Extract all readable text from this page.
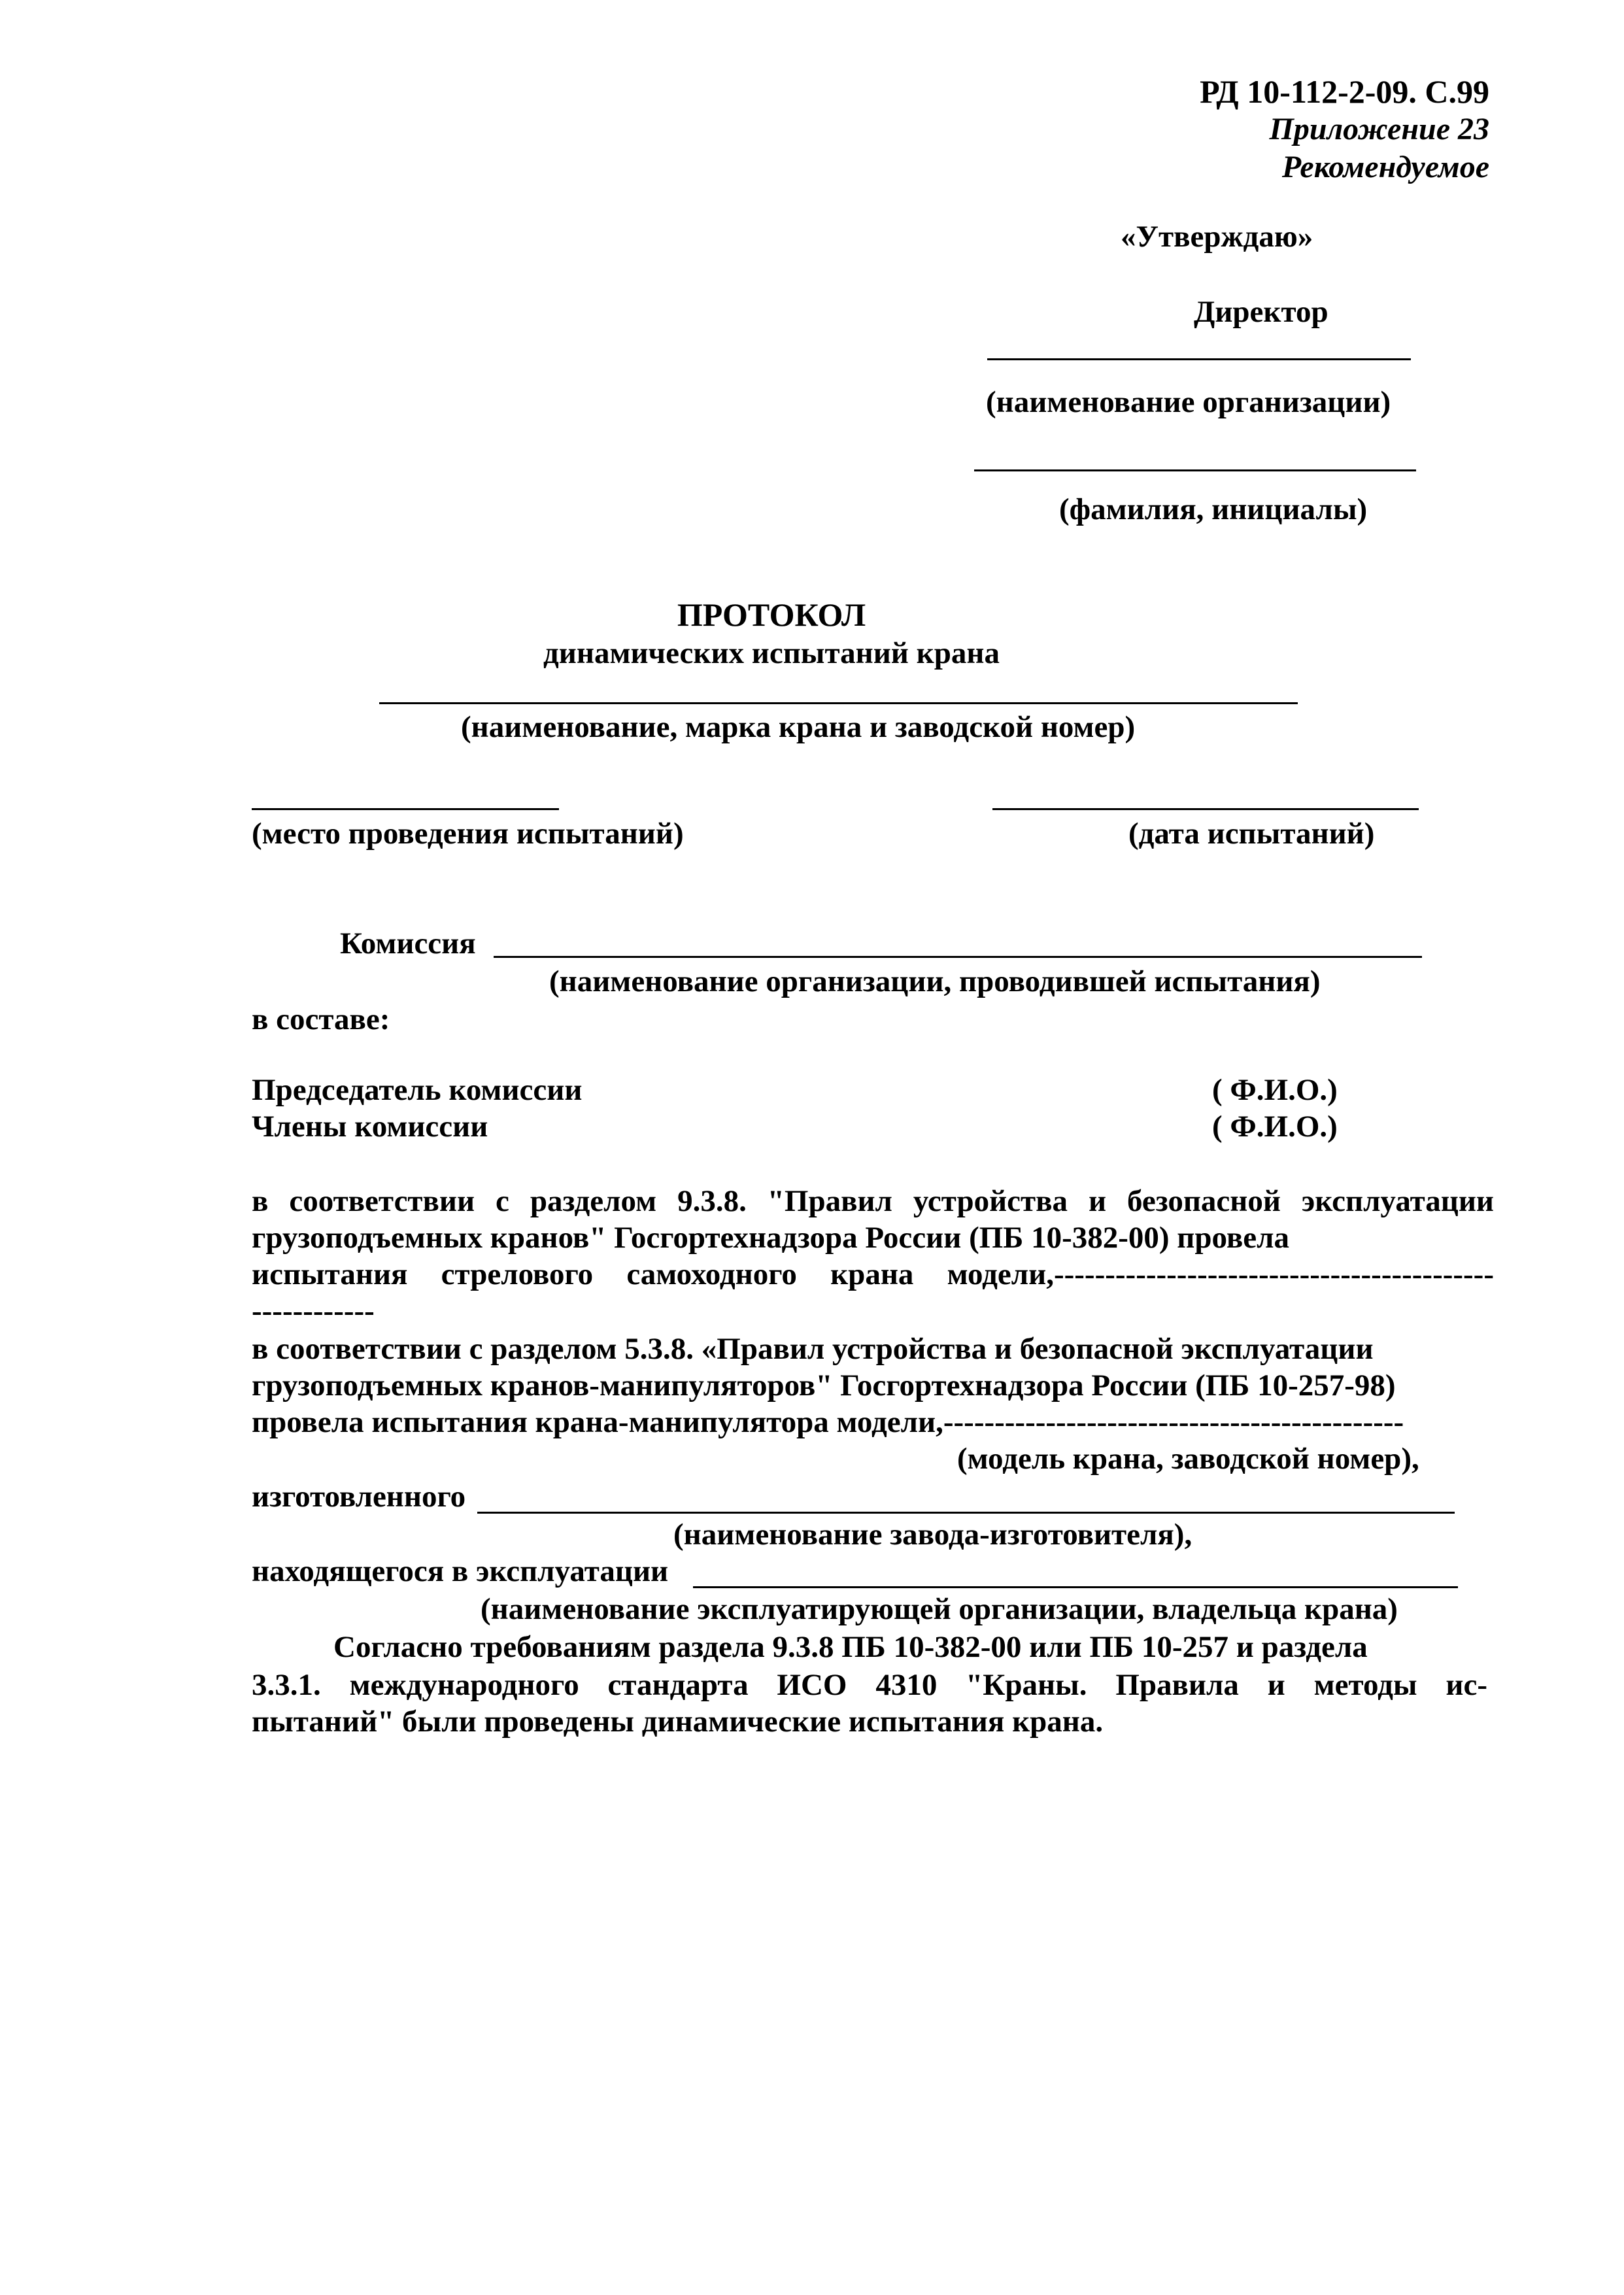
РД 10-112-2-09. С.99
Приложение 23
Рекомендуемое
«Утверждаю»
Директор
(наименование организации)
(фамилия, инициалы)
ПРОТОКОЛ
динамических испытаний крана
(наименование, марка крана и заводской номер)
(место проведения испытаний)	(дата испытаний)
Комиссия
(наименование организации, проводившей испытания)
в составе:
Председатель комиссии	( Ф.И.О.)
Члены комиссии	( Ф.И.О.)
в соответствии с разделом 9.3.8. "Правил устройства и безопасной эксплуатации
грузоподъемных кранов" Госгортехнадзора России (ПБ 10-382-00) провела
испытания стрелового самоходного крана модели,-------------------------------------------
------------
в соответствии с разделом 5.3.8. «Правил устройства и безопасной эксплуатации
грузоподъемных кранов-манипуляторов" Госгортехнадзора России (ПБ 10-257-98)
провела испытания крана-манипулятора модели,---------------------------------------------
(модель крана, заводской номер),
изготовленного
(наименование завода-изготовителя),
находящегося в эксплуатации
(наименование эксплуатирующей организации, владельца крана)
Согласно требованиям раздела 9.3.8 ПБ 10-382-00 или ПБ 10-257 и раздела
3.3.1. международного стандарта ИСО 4310 "Краны. Правила и методы ис-
пытаний" были проведены динамические испытания крана.
